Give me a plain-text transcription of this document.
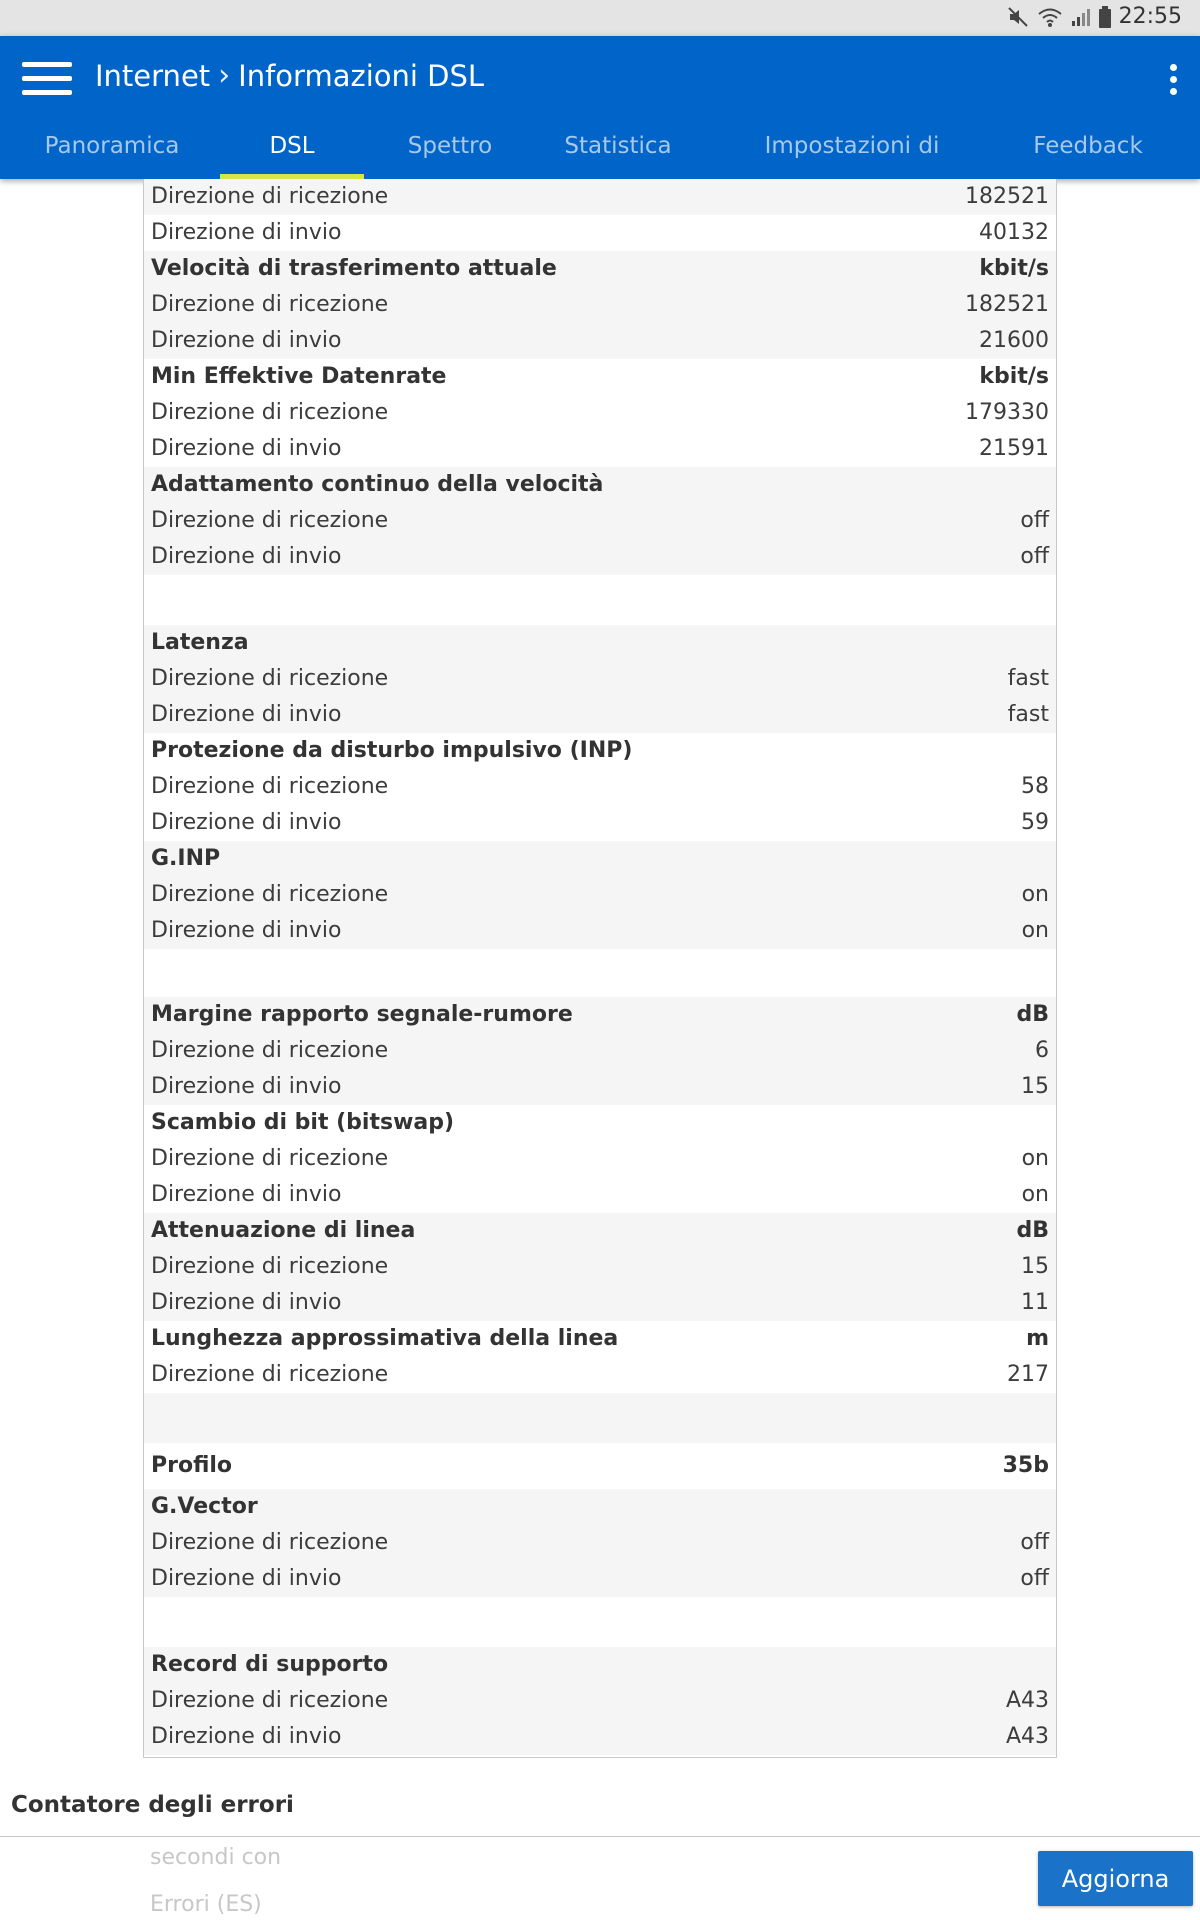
22:55
Internet › Informazioni DSL
Panoramica	DSL	Spettro	Statistica	Impostazioni di	Feedback
Direzione di ricezione	182521
Direzione di invio	40132
Velocità di trasferimento attuale	kbit/s
Direzione di ricezione	182521
Direzione di invio	21600
Min Effektive Datenrate	kbit/s
Direzione di ricezione	179330
Direzione di invio	21591
Adattamento continuo della velocità
Direzione di ricezione	off
Direzione di invio	off
Latenza
Direzione di ricezione	fast
Direzione di invio	fast
Protezione da disturbo impulsivo (INP)
Direzione di ricezione	58
Direzione di invio	59
G.INP
Direzione di ricezione	on
Direzione di invio	on
Margine rapporto segnale-rumore	dB
Direzione di ricezione	6
Direzione di invio	15
Scambio di bit (bitswap)
Direzione di ricezione	on
Direzione di invio	on
Attenuazione di linea	dB
Direzione di ricezione	15
Direzione di invio	11
Lunghezza approssimativa della linea	m
Direzione di ricezione	217
Profilo	35b
G.Vector
Direzione di ricezione	off
Direzione di invio	off
Record di supporto
Direzione di ricezione	A43
Direzione di invio	A43
Contatore degli errori
secondi con
Errori (ES)
Aggiorna
